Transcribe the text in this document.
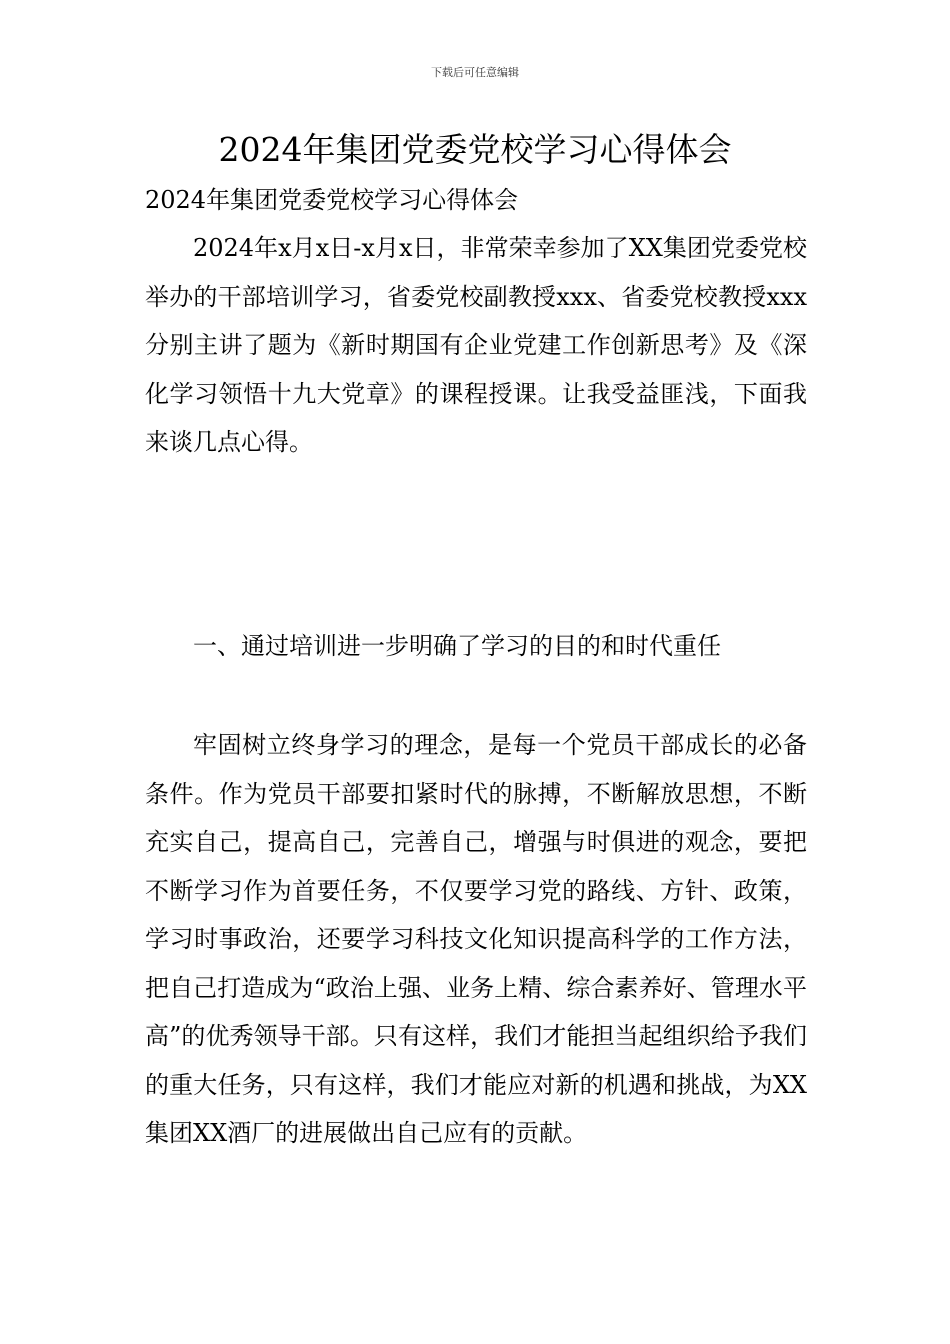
下载后可任意编辑
2024年集团党委党校学习心得体会

2024年集团党委党校学习心得体会

2024年x月x日-x月x日，非常荣幸参加了XX集团党委党校举办的干部培训学习，省委党校副教授xxx、省委党校教授xxx分别主讲了题为《新时期国有企业党建工作创新思考》及《深化学习领悟十九大党章》的课程授课。让我受益匪浅，下面我来谈几点心得。

一、通过培训进一步明确了学习的目的和时代重任

牢固树立终身学习的理念，是每一个党员干部成长的必备条件。作为党员干部要扣紧时代的脉搏，不断解放思想，不断充实自己，提高自己，完善自己，增强与时俱进的观念，要把不断学习作为首要任务，不仅要学习党的路线、方针、政策，学习时事政治，还要学习科技文化知识提高科学的工作方法，把自己打造成为“政治上强、业务上精、综合素养好、管理水平高”的优秀领导干部。只有这样，我们才能担当起组织给予我们的重大任务，只有这样，我们才能应对新的机遇和挑战，为XX集团XX酒厂的进展做出自己应有的贡献。
